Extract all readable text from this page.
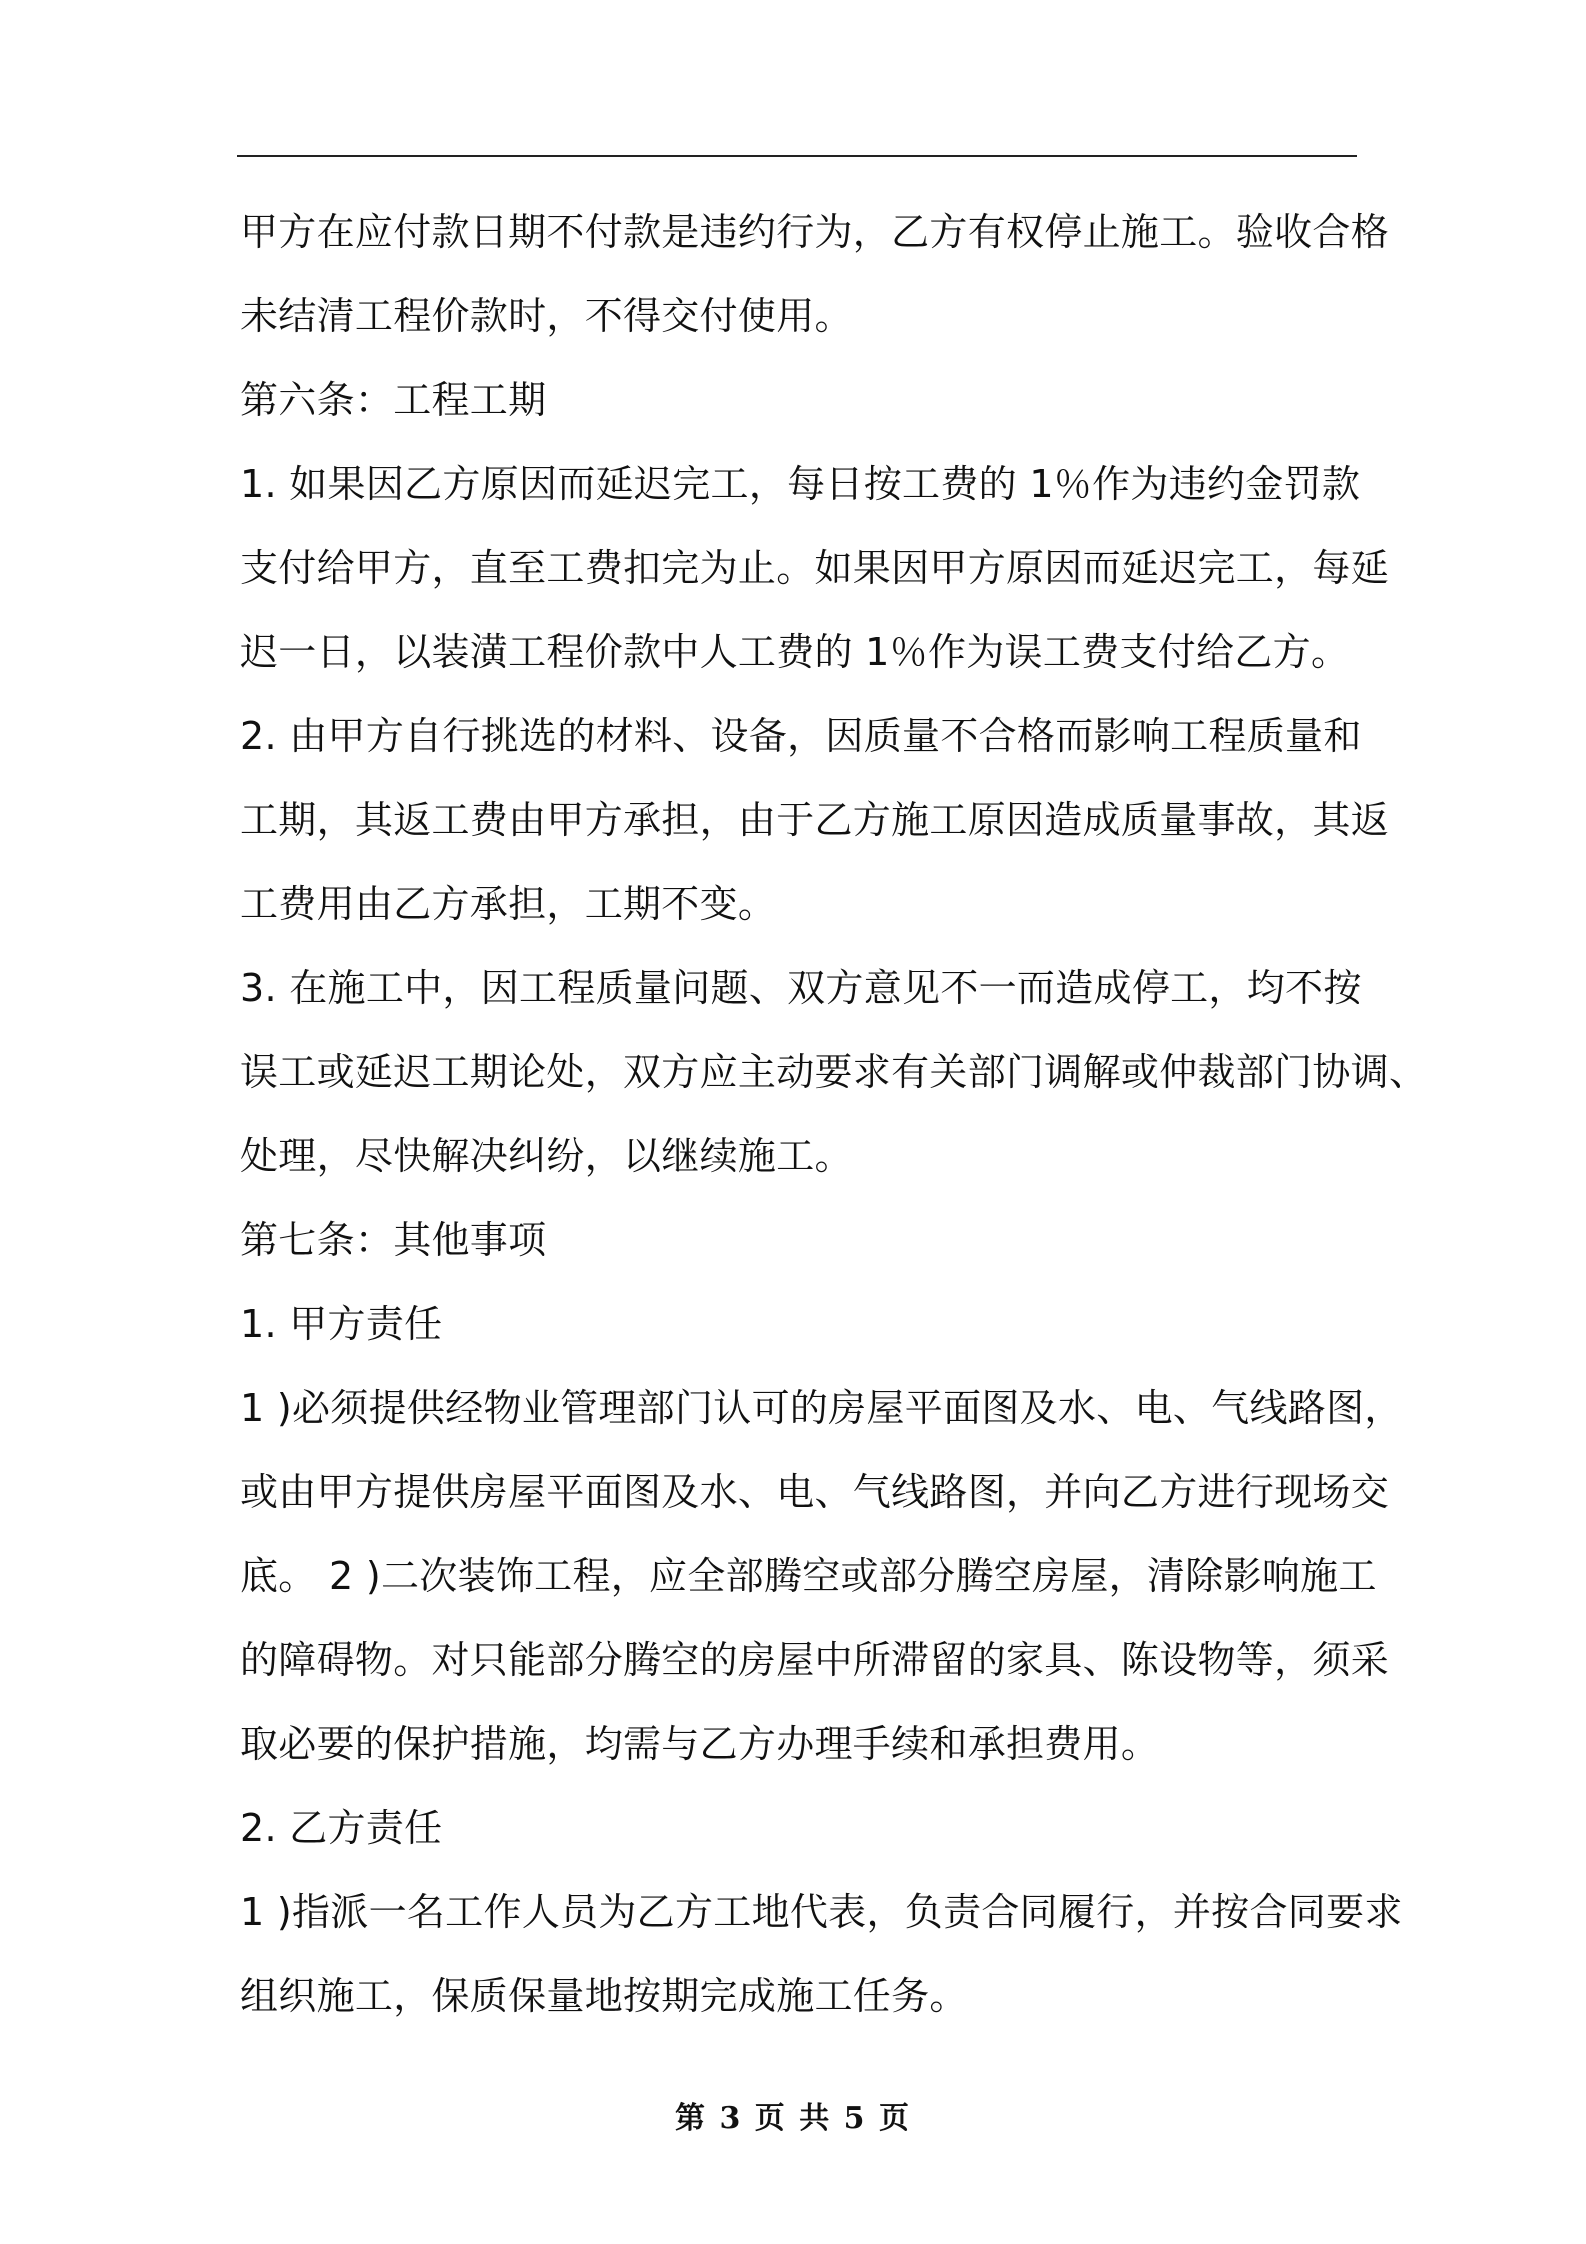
甲方在应付款日期不付款是违约行为，乙方有权停止施工。验收合格
未结清工程价款时，不得交付使用。
第六条：工程工期
1. 如果因乙方原因而延迟完工，每日按工费的 1％作为违约金罚款
支付给甲方，直至工费扣完为止。如果因甲方原因而延迟完工，每延
迟一日，以装潢工程价款中人工费的 1％作为误工费支付给乙方。
2. 由甲方自行挑选的材料、设备，因质量不合格而影响工程质量和
工期，其返工费由甲方承担，由于乙方施工原因造成质量事故，其返
工费用由乙方承担，工期不变。
3. 在施工中，因工程质量问题、双方意见不一而造成停工，均不按
误工或延迟工期论处，双方应主动要求有关部门调解或仲裁部门协调、
处理，尽快解决纠纷，以继续施工。
第七条：其他事项
1. 甲方责任
1 )必须提供经物业管理部门认可的房屋平面图及水、电、气线路图，
或由甲方提供房屋平面图及水、电、气线路图，并向乙方进行现场交
底。 2 )二次装饰工程，应全部腾空或部分腾空房屋，清除影响施工
的障碍物。对只能部分腾空的房屋中所滞留的家具、陈设物等，须采
取必要的保护措施，均需与乙方办理手续和承担费用。
2. 乙方责任
1 )指派一名工作人员为乙方工地代表，负责合同履行，并按合同要求
组织施工，保质保量地按期完成施工任务。
第 3 页 共 5 页
